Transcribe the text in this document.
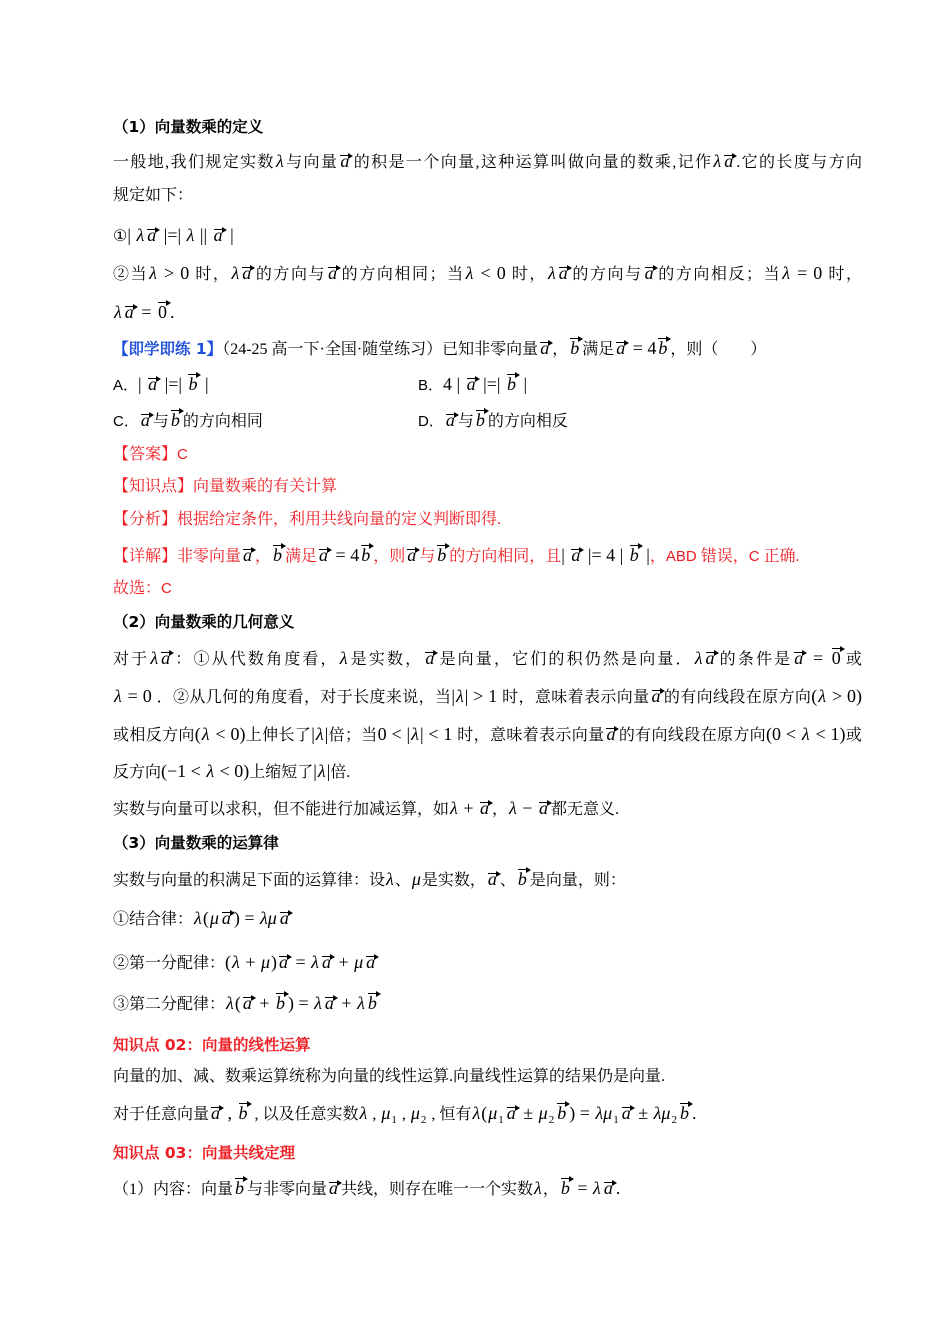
（1）向量数乘的定义
一般地,我们规定实数λ与向量 a 的积是一个向量,这种运算叫做向量的数乘,记作λ a .它的长度与方向
规定如下：
①| λ a |=| λ || a |
②当λ > 0 时，λ a 的方向与 a 的方向相同；当λ < 0 时，λ a 的方向与 a 的方向相反；当λ = 0 时，
λ a = 0 .
【即学即练 1】（24-25 高一下·全国·随堂练习）已知非零向量 a ， b 满足 a = 4 b ，则（　　）
A．| a |=| b |	B．4 | a |=| b |
C． a 与 b 的方向相同	D． a 与 b 的方向相反
【答案】C
【知识点】向量数乘的有关计算
【分析】根据给定条件，利用共线向量的定义判断即得.
【详解】非零向量 a ， b 满足 a = 4 b ，则 a 与 b 的方向相同，且| a |= 4 | b |，ABD 错误，C 正确.
故选：C
（2）向量数乘的几何意义
对于λ a ：①从代数角度看，λ是实数， a 是向量，它们的积仍然是向量．λ a 的条件是 a = 0 或
λ = 0 ．②从几何的角度看，对于长度来说，当|λ| > 1 时，意味着表示向量 a 的有向线段在原方向(λ > 0)
或相反方向(λ < 0)上伸长了|λ|倍；当0 < |λ| < 1 时，意味着表示向量 a 的有向线段在原方向(0 < λ < 1)或
反方向(−1 < λ < 0)上缩短了|λ|倍.
实数与向量可以求积，但不能进行加减运算，如λ + a ，λ − a 都无意义.
（3）向量数乘的运算律
实数与向量的积满足下面的运算律：设λ、μ是实数， a 、 b 是向量，则：
①结合律：λ(μ a ) = λμ a
②第一分配律：(λ + μ) a = λ a + μ a
③第二分配律：λ( a + b ) = λ a + λ b
知识点 02：向量的线性运算
向量的加、减、数乘运算统称为向量的线性运算.向量线性运算的结果仍是向量.
对于任意向量 a , b , 以及任意实数λ , $\mu_1$ , $\mu_2$ , 恒有$\lambda(\mu_1$ $a \pm \mu_2$ b ) = $\lambda\mu_1$ $a \pm \lambda\mu_2$ b .
知识点 03：向量共线定理
（1）内容：向量 b 与非零向量 a 共线，则存在唯一一个实数λ， b = λ a .
